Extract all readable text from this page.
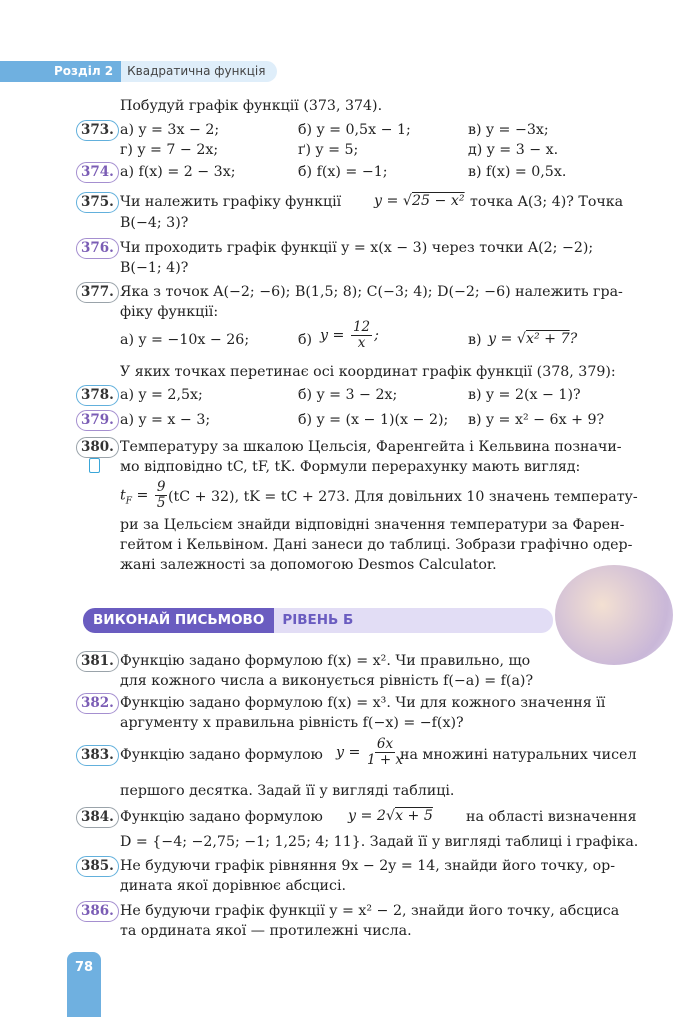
Розділ 2	Квадратична функція
Побудуй графік функції (373, 374).
373. а) y = 3x − 2;	б) y = 0,5x − 1;	в) y = −3x;
г) y = 7 − 2x;	ґ) y = 5;	д) y = 3 − x.
374. а) f(x) = 2 − 3x;	б) f(x) = −1;	в) f(x) = 0,5x.
375. Чи належить графіку функції y = √25 − x² точка A(3; 4)? Точка
B(−4; 3)?
376. Чи проходить графік функції y = x(x − 3) через точки A(2; −2);
B(−1; 4)?
377. Яка з точок A(−2; −6); B(1,5; 8); C(−3; 4); D(−2; −6) належить гра-
фіку функції:
а) y = −10x − 26;	б) $y = \frac{12}{x}$ ;	в) y = √x² + 7?
У яких точках перетинає осі координат графік функції (378, 379):
378. а) y = 2,5x;	б) y = 3 − 2x;	в) y = 2(x − 1)?
379. а) y = x − 3;	б) y = (x − 1)(x − 2); в) y = x² − 6x + 9?
380. Температуру за шкалою Цельсія, Фаренгейта і Кельвина позначи-
мо відповідно tC, tF, tK. Формули перерахунку мають вигляд:
$t_F = \frac{9}{5} (tC + 32)$, tK = tC + 273. Для довільних 10 значень температу-
ри за Цельсієм знайди відповідні значення температури за Фарен-
гейтом і Кельвіном. Дані занеси до таблиці. Зобрази графічно одер-
жані залежності за допомогою Desmos Calculator.
ВИКОНАЙ ПИСЬМОВО	РІВЕНЬ Б
381. Функцію задано формулою f(x) = x². Чи правильно, що
для кожного числа a виконується рівність f(−a) = f(a)?
382. Функцію задано формулою f(x) = x³. Чи для кожного значення її
аргументу x правильна рівність f(−x) = −f(x)?
383. Функцію задано формулою $y = \frac{6x}{1 + x}$
на множині натуральних чисел
першого десятка. Задай її у вигляді таблиці.
384. Функцію задано формулою y = 2√x + 5 на області визначення
D = {−4; −2,75; −1; 1,25; 4; 11}. Задай її у вигляді таблиці і графіка.
385. Не будуючи графік рівняння 9x − 2y = 14, знайди його точку, ор-
дината якої дорівнює абсцисі.
386. Не будуючи графік функції y = x² − 2, знайди його точку, абсциса
та ордината якої — протилежні числа.
78
